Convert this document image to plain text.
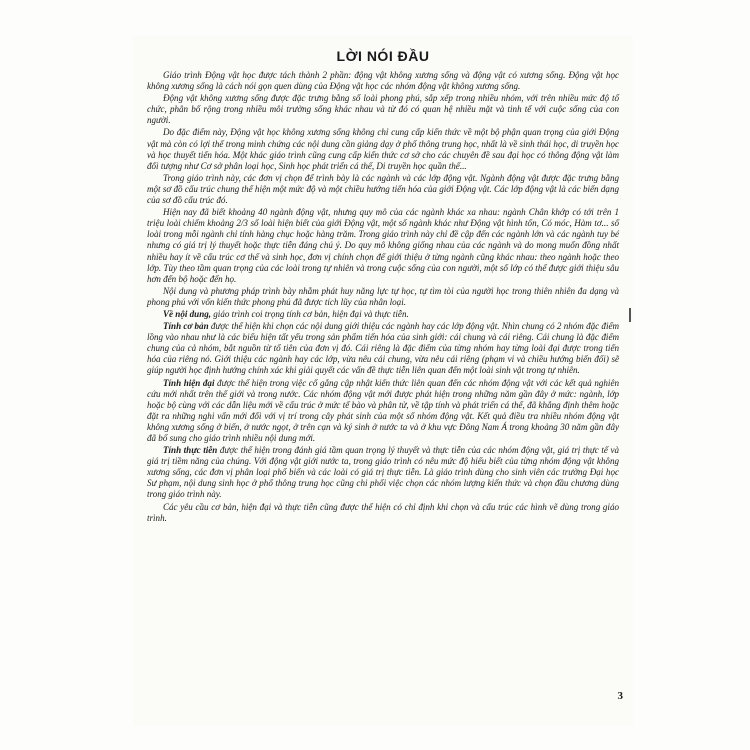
LỜI NÓI ĐẦU

Giáo trình Động vật học được tách thành 2 phần: động vật không xương sống và động vật có xương sống. Động vật học không xương sống là cách nói gọn quen dùng của Động vật học các nhóm động vật không xương sống.

Động vật không xương sống được đặc trưng bằng số loài phong phú, sắp xếp trong nhiều nhóm, với trên nhiều mức độ tổ chức, phân bố rộng trong nhiều môi trường sống khác nhau và từ đó có quan hệ nhiều mặt và tinh tế với cuộc sống của con người.

Do đặc điểm này, Động vật học không xương sống không chỉ cung cấp kiến thức về một bộ phận quan trọng của giới Động vật mà còn có lợi thế trong minh chứng các nội dung cần giảng dạy ở phổ thông trung học, nhất là về sinh thái học, di truyền học và học thuyết tiến hóa. Một khác giáo trình cũng cung cấp kiến thức cơ sở cho các chuyên đề sau đại học có thông động vật làm đối tượng như Cơ sở phân loại học, Sinh học phát triển cá thể, Di truyền học quần thể...

Trong giáo trình này, các đơn vị chọn để trình bày là các ngành và các lớp động vật. Ngành động vật được đặc trưng bằng một sơ đồ cấu trúc chung thể hiện một mức độ và một chiều hướng tiến hóa của giới Động vật. Các lớp động vật là các biến dạng của sơ đồ cấu trúc đó.

Hiện nay đã biết khoảng 40 ngành động vật, nhưng quy mô của các ngành khác xa nhau: ngành Chân khớp có tới trên 1 triệu loài chiếm khoảng 2/3 số loài hiện biết của giới Động vật, một số ngành khác như Động vật hình tổn, Có móc, Hàm tơ... số loài trong mỗi ngành chỉ tính hàng chục hoặc hàng trăm. Trong giáo trình này chỉ đề cập đến các ngành lớn và các ngành tuy bé nhưng có giá trị lý thuyết hoặc thực tiễn đáng chú ý. Do quy mô không giống nhau của các ngành và do mong muốn đồng nhất nhiều hay ít về cấu trúc cơ thể và sinh học, đơn vị chính chọn để giới thiệu ở từng ngành cũng khác nhau: theo ngành hoặc theo lớp. Tùy theo tầm quan trọng của các loài trong tự nhiên và trong cuộc sống của con người, một số lớp có thể được giới thiệu sâu hơn đến bộ hoặc đến họ.

Nội dung và phương pháp trình bày nhằm phát huy năng lực tự học, tự tìm tòi của người học trong thiên nhiên đa dạng và phong phú với vốn kiến thức phong phú đã được tích lũy của nhân loại.

Về nội dung, giáo trình coi trọng tính cơ bản, hiện đại và thực tiễn.

Tính cơ bản được thể hiện khi chọn các nội dung giới thiệu các ngành hay các lớp động vật. Nhìn chung có 2 nhóm đặc điểm lồng vào nhau như là các biểu hiện tất yếu trong sản phẩm tiến hóa của sinh giới: cái chung và cái riêng. Cái chung là đặc điểm chung của cả nhóm, bắt nguồn từ tổ tiên của đơn vị đó. Cái riêng là đặc điểm của từng nhóm hay từng loài đại được trong tiến hóa của riêng nó. Giới thiệu các ngành hay các lớp, vừa nêu cái chung, vừa nêu cái riêng (phạm vi và chiều hướng biến đổi) sẽ giúp người học định hướng chính xác khi giải quyết các vấn đề thực tiễn liên quan đến một loài sinh vật trong tự nhiên.

Tính hiện đại được thể hiện trong việc cố gắng cập nhật kiến thức liên quan đến các nhóm động vật với các kết quả nghiên cứu mới nhất trên thế giới và trong nước. Các nhóm động vật mới được phát hiện trong những năm gần đây ở mức: ngành, lớp hoặc bộ cùng với các dẫn liệu mới về cấu trúc ở mức tế bào và phân tử, về tập tính và phát triển cá thể, đã khẳng định thêm hoặc đặt ra những nghi vấn mới đối với vị trí trong cây phát sinh của một số nhóm động vật. Kết quả điều tra nhiều nhóm động vật không xương sống ở biển, ở nước ngọt, ở trên cạn và ký sinh ở nước ta và ở khu vực Đông Nam Á trong khoảng 30 năm gần đây đã bổ sung cho giáo trình nhiều nội dung mới.

Tính thực tiễn được thể hiện trong đánh giá tầm quan trọng lý thuyết và thực tiễn của các nhóm động vật, giá trị thực tế và giá trị tiềm năng của chúng. Với động vật giới nước ta, trong giáo trình có nêu mức độ hiểu biết của từng nhóm động vật không xương sống, các đơn vị phân loại phổ biến và các loài có giá trị thực tiễn. Là giáo trình dùng cho sinh viên các trường Đại học Sư phạm, nội dung sinh học ở phổ thông trung học cũng chi phối việc chọn các nhóm lượng kiến thức và chọn đầu chương dùng trong giáo trình này.

Các yêu cầu cơ bản, hiện đại và thực tiễn cũng được thể hiện có chỉ định khi chọn và cấu trúc các hình vẽ dùng trong giáo trình.

3
